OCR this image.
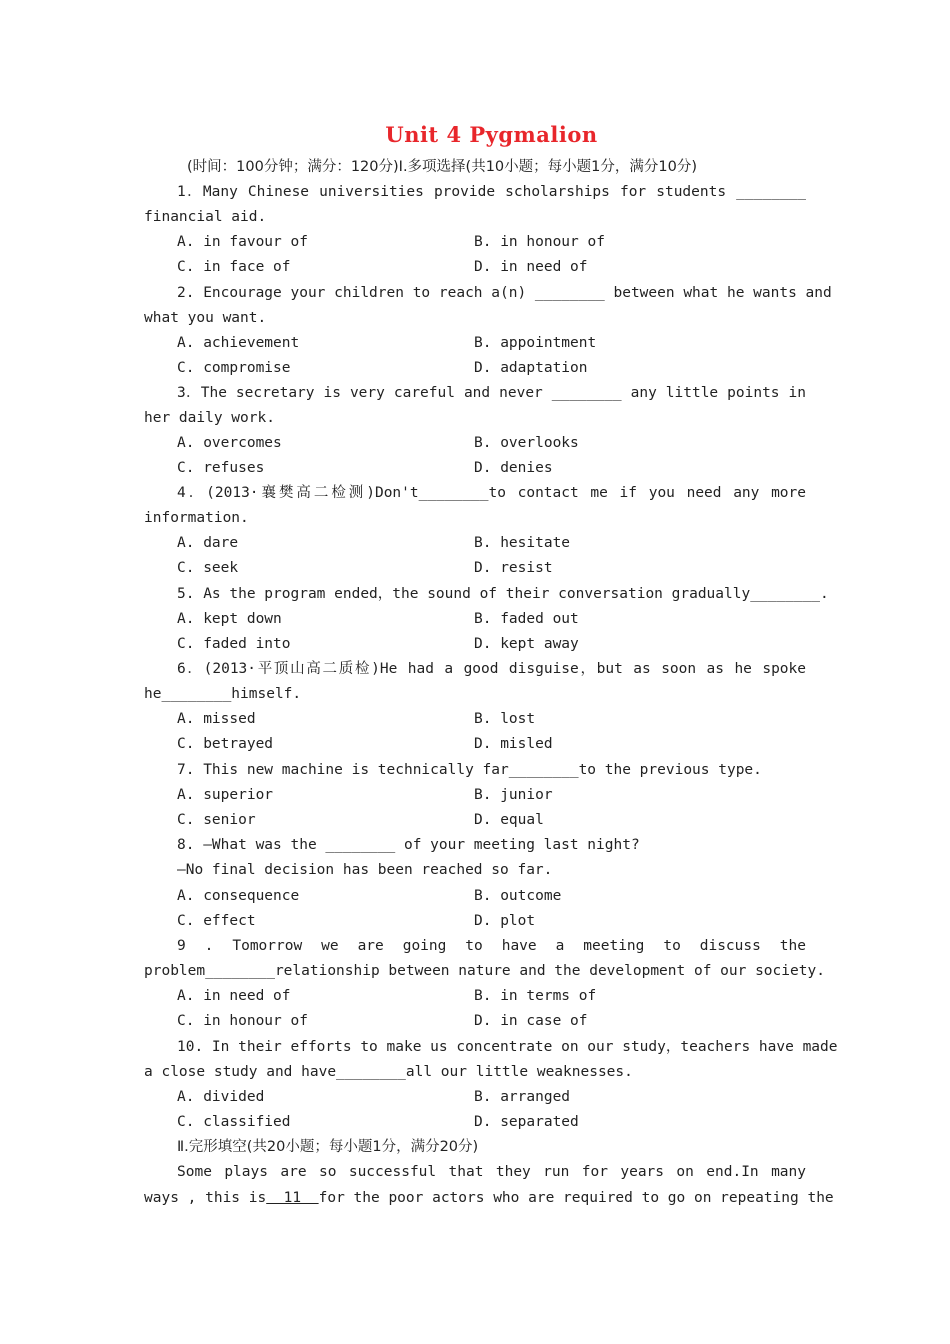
Unit 4 Pygmalion
(时间：100分钟；满分：120分)Ⅰ.多项选择(共10小题；每小题1分，满分10分)
1．Many Chinese universities provide scholarships for students ________
financial aid.
A. in favour of	B. in honour of
C. in face of	D. in need of
2. Encourage your children to reach a(n) ________ between what he wants and
what you want.
A. achievement	B. appointment
C. compromise	D. adaptation
3．The secretary is very careful and never ________ any little points in
her daily work.
A. overcomes	B. overlooks
C. refuses	D. denies
4．(2013·襄樊高二检测)Don't________to contact me if you need any more
information.
A. dare	B. hesitate
C. seek	D. resist
5. As the program ended，the sound of their conversation gradually________.
A. kept down	B. faded out
C. faded into	D. kept away
6．(2013·平顶山高二质检)He had a good disguise，but as soon as he spoke
he________himself.
A. missed	B. lost
C. betrayed	D. misled
7. This new machine is technically far________to the previous type.
A. superior	B. junior
C. senior	D. equal
8. —What was the ________ of your meeting last night?
—No final decision has been reached so far.
A. consequence	B. outcome
C. effect	D. plot
9 . Tomorrow we are going to have a meeting to discuss the
problem________relationship between nature and the development of our society.
A. in need of	B. in terms of
C. in honour of	D. in case of
10. In their efforts to make us concentrate on our study，teachers have made
a close study and have________all our little weaknesses.
A. divided	B. arranged
C. classified	D. separated
Ⅱ.完形填空(共20小题；每小题1分，满分20分)
Some plays are so successful that they run for years on end.In many
ways , this is  11  for the poor actors who are required to go on repeating the
